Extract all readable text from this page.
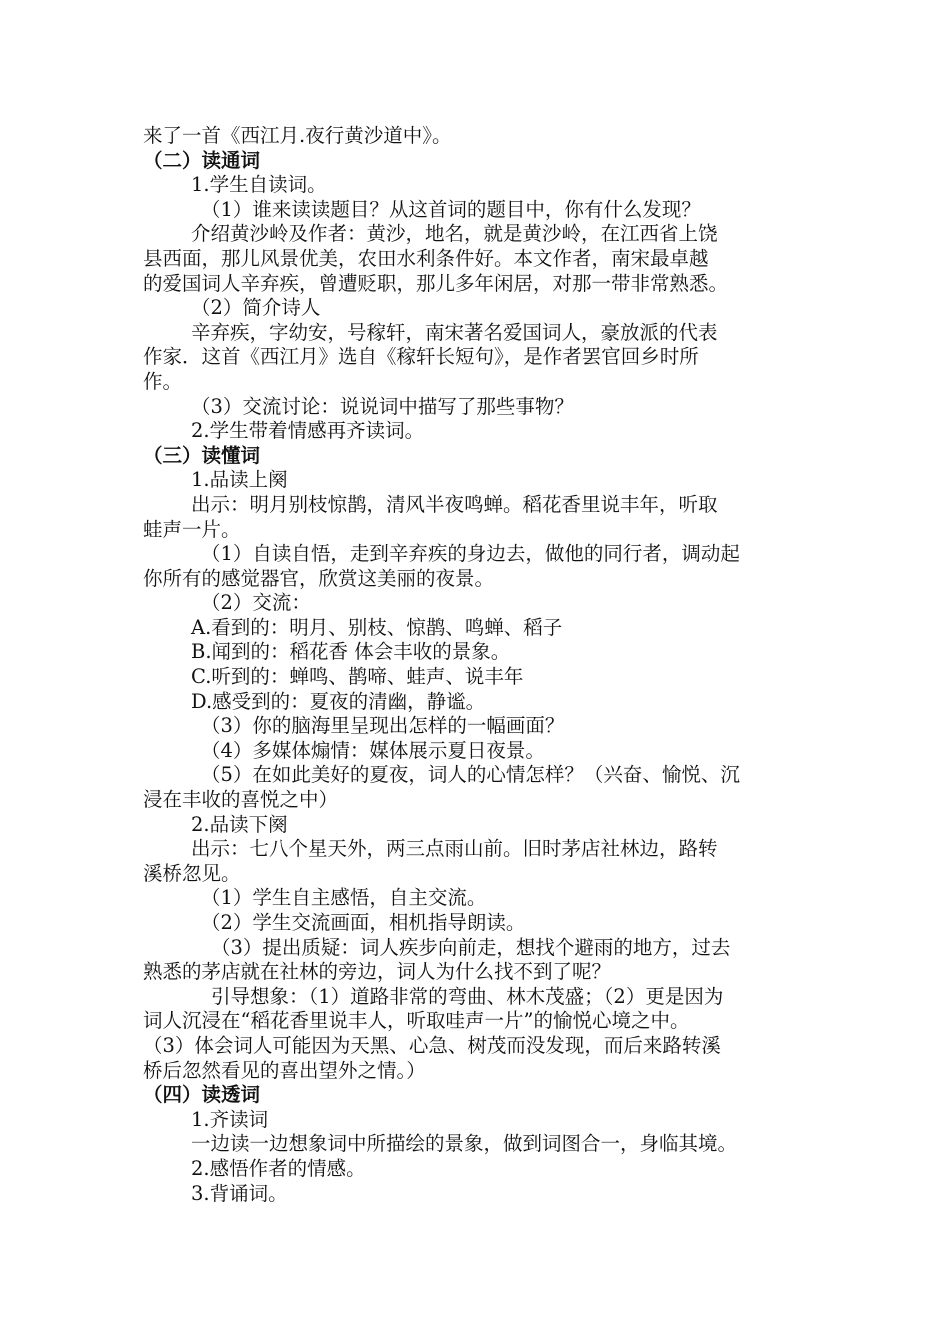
来了一首《西江月.夜行黄沙道中》。
（二）读通词
1.学生自读词。
（1）谁来读读题目？从这首词的题目中，你有什么发现？
介绍黄沙岭及作者：黄沙，地名，就是黄沙岭，在江西省上饶
县西面，那儿风景优美，农田水利条件好。本文作者，南宋最卓越
的爱国词人辛弃疾，曾遭贬职，那儿多年闲居，对那一带非常熟悉。
（2）简介诗人
辛弃疾，字幼安，号稼轩，南宋著名爱国词人，豪放派的代表
作家．这首《西江月》选自《稼轩长短句》，是作者罢官回乡时所
作。
（3）交流讨论：说说词中描写了那些事物？
2.学生带着情感再齐读词。
（三）读懂词
1.品读上阕
出示：明月别枝惊鹊，清风半夜鸣蝉。稻花香里说丰年，听取
蛙声一片。
（1）自读自悟，走到辛弃疾的身边去，做他的同行者，调动起
你所有的感觉器官，欣赏这美丽的夜景。
（2）交流：
A.看到的：明月、别枝、惊鹊、鸣蝉、稻子
B.闻到的：稻花香 体会丰收的景象。
C.听到的：蝉鸣、鹊啼、蛙声、说丰年
D.感受到的：夏夜的清幽，静谧。
（3）你的脑海里呈现出怎样的一幅画面？
（4）多媒体煽情：媒体展示夏日夜景。
（5）在如此美好的夏夜，词人的心情怎样？（兴奋、愉悦、沉
浸在丰收的喜悦之中）
2.品读下阕
出示：七八个星天外，两三点雨山前。旧时茅店社林边，路转
溪桥忽见。
（1）学生自主感悟，自主交流。
（2）学生交流画面，相机指导朗读。
（3）提出质疑：词人疾步向前走，想找个避雨的地方，过去
熟悉的茅店就在社林的旁边，词人为什么找不到了呢？
引导想象：（1）道路非常的弯曲、林木茂盛；（2）更是因为
词人沉浸在“稻花香里说丰人，听取哇声一片”的愉悦心境之中。
（3）体会词人可能因为天黑、心急、树茂而没发现，而后来路转溪
桥后忽然看见的喜出望外之情。）
（四）读透词
1.齐读词
一边读一边想象词中所描绘的景象，做到词图合一，身临其境。
2.感悟作者的情感。
3.背诵词。
